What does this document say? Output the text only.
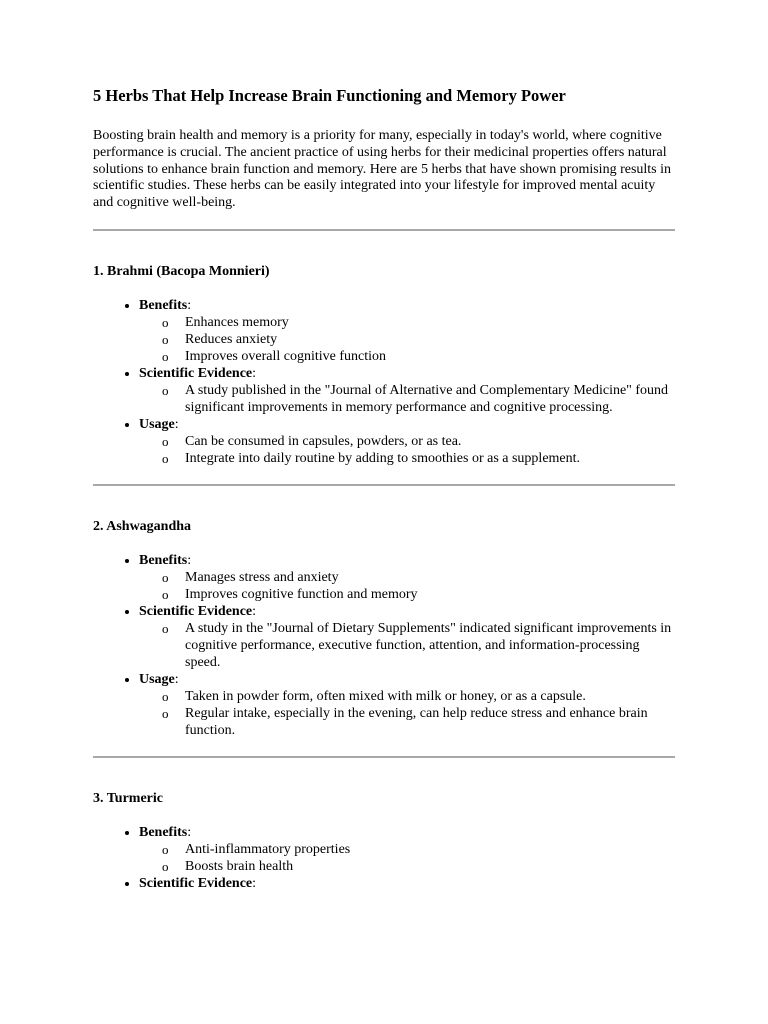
5 Herbs That Help Increase Brain Functioning and Memory Power

Boosting brain health and memory is a priority for many, especially in today's world, where cognitive performance is crucial. The ancient practice of using herbs for their medicinal properties offers natural solutions to enhance brain function and memory. Here are 5 herbs that have shown promising results in scientific studies. These herbs can be easily integrated into your lifestyle for improved mental acuity and cognitive well-being.

1. Brahmi (Bacopa Monnieri)
• Benefits:
o Enhances memory
o Reduces anxiety
o Improves overall cognitive function
• Scientific Evidence:
o A study published in the "Journal of Alternative and Complementary Medicine" found significant improvements in memory performance and cognitive processing.
• Usage:
o Can be consumed in capsules, powders, or as tea.
o Integrate into daily routine by adding to smoothies or as a supplement.
2. Ashwagandha
• Benefits:
o Manages stress and anxiety
o Improves cognitive function and memory
• Scientific Evidence:
o A study in the "Journal of Dietary Supplements" indicated significant improvements in cognitive performance, executive function, attention, and information-processing speed.
• Usage:
o Taken in powder form, often mixed with milk or honey, or as a capsule.
o Regular intake, especially in the evening, can help reduce stress and enhance brain function.
3. Turmeric
• Benefits:
o Anti-inflammatory properties
o Boosts brain health
• Scientific Evidence:
